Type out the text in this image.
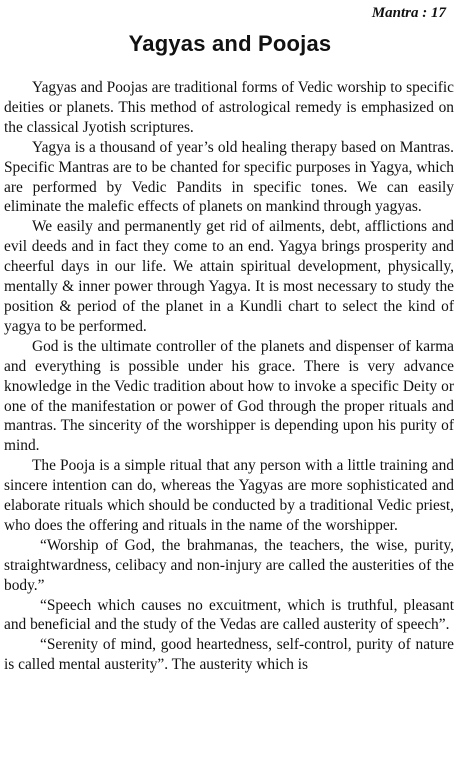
Mantra : 17
Yagyas and Poojas

Yagyas and Poojas are traditional forms of Vedic worship to specific deities or planets. This method of astrological remedy is emphasized on the classical Jyotish scriptures.

Yagya is a thousand of year’s old healing therapy based on Mantras. Specific Mantras are to be chanted for specific purposes in Yagya, which are performed by Vedic Pandits in specific tones. We can easily eliminate the malefic effects of planets on mankind through yagyas.

We easily and permanently get rid of ailments, debt, afflictions and evil deeds and in fact they come to an end. Yagya brings prosperity and cheerful days in our life. We attain spiritual development, physically, mentally & inner power through Yagya. It is most necessary to study the position & period of the planet in a Kundli chart to select the kind of yagya to be performed.

God is the ultimate controller of the planets and dispenser of karma and everything is possible under his grace. There is very advance knowledge in the Vedic tradition about how to invoke a specific Deity or one of the manifestation or power of God through the proper rituals and mantras. The sincerity of the worshipper is depending upon his purity of mind.

The Pooja is a simple ritual that any person with a little training and sincere intention can do, whereas the Yagyas are more sophisticated and elaborate rituals which should be conducted by a traditional Vedic priest, who does the offering and rituals in the name of the worshipper.

“Worship of God, the brahmanas, the teachers, the wise, purity, straightwardness, celibacy and non-injury are called the austerities of the body.”

“Speech which causes no excuitment, which is truthful, pleasant and beneficial and the study of the Vedas are called austerity of speech”.

“Serenity of mind, good heartedness, self-control, purity of nature is called mental austerity”. The austerity which is
